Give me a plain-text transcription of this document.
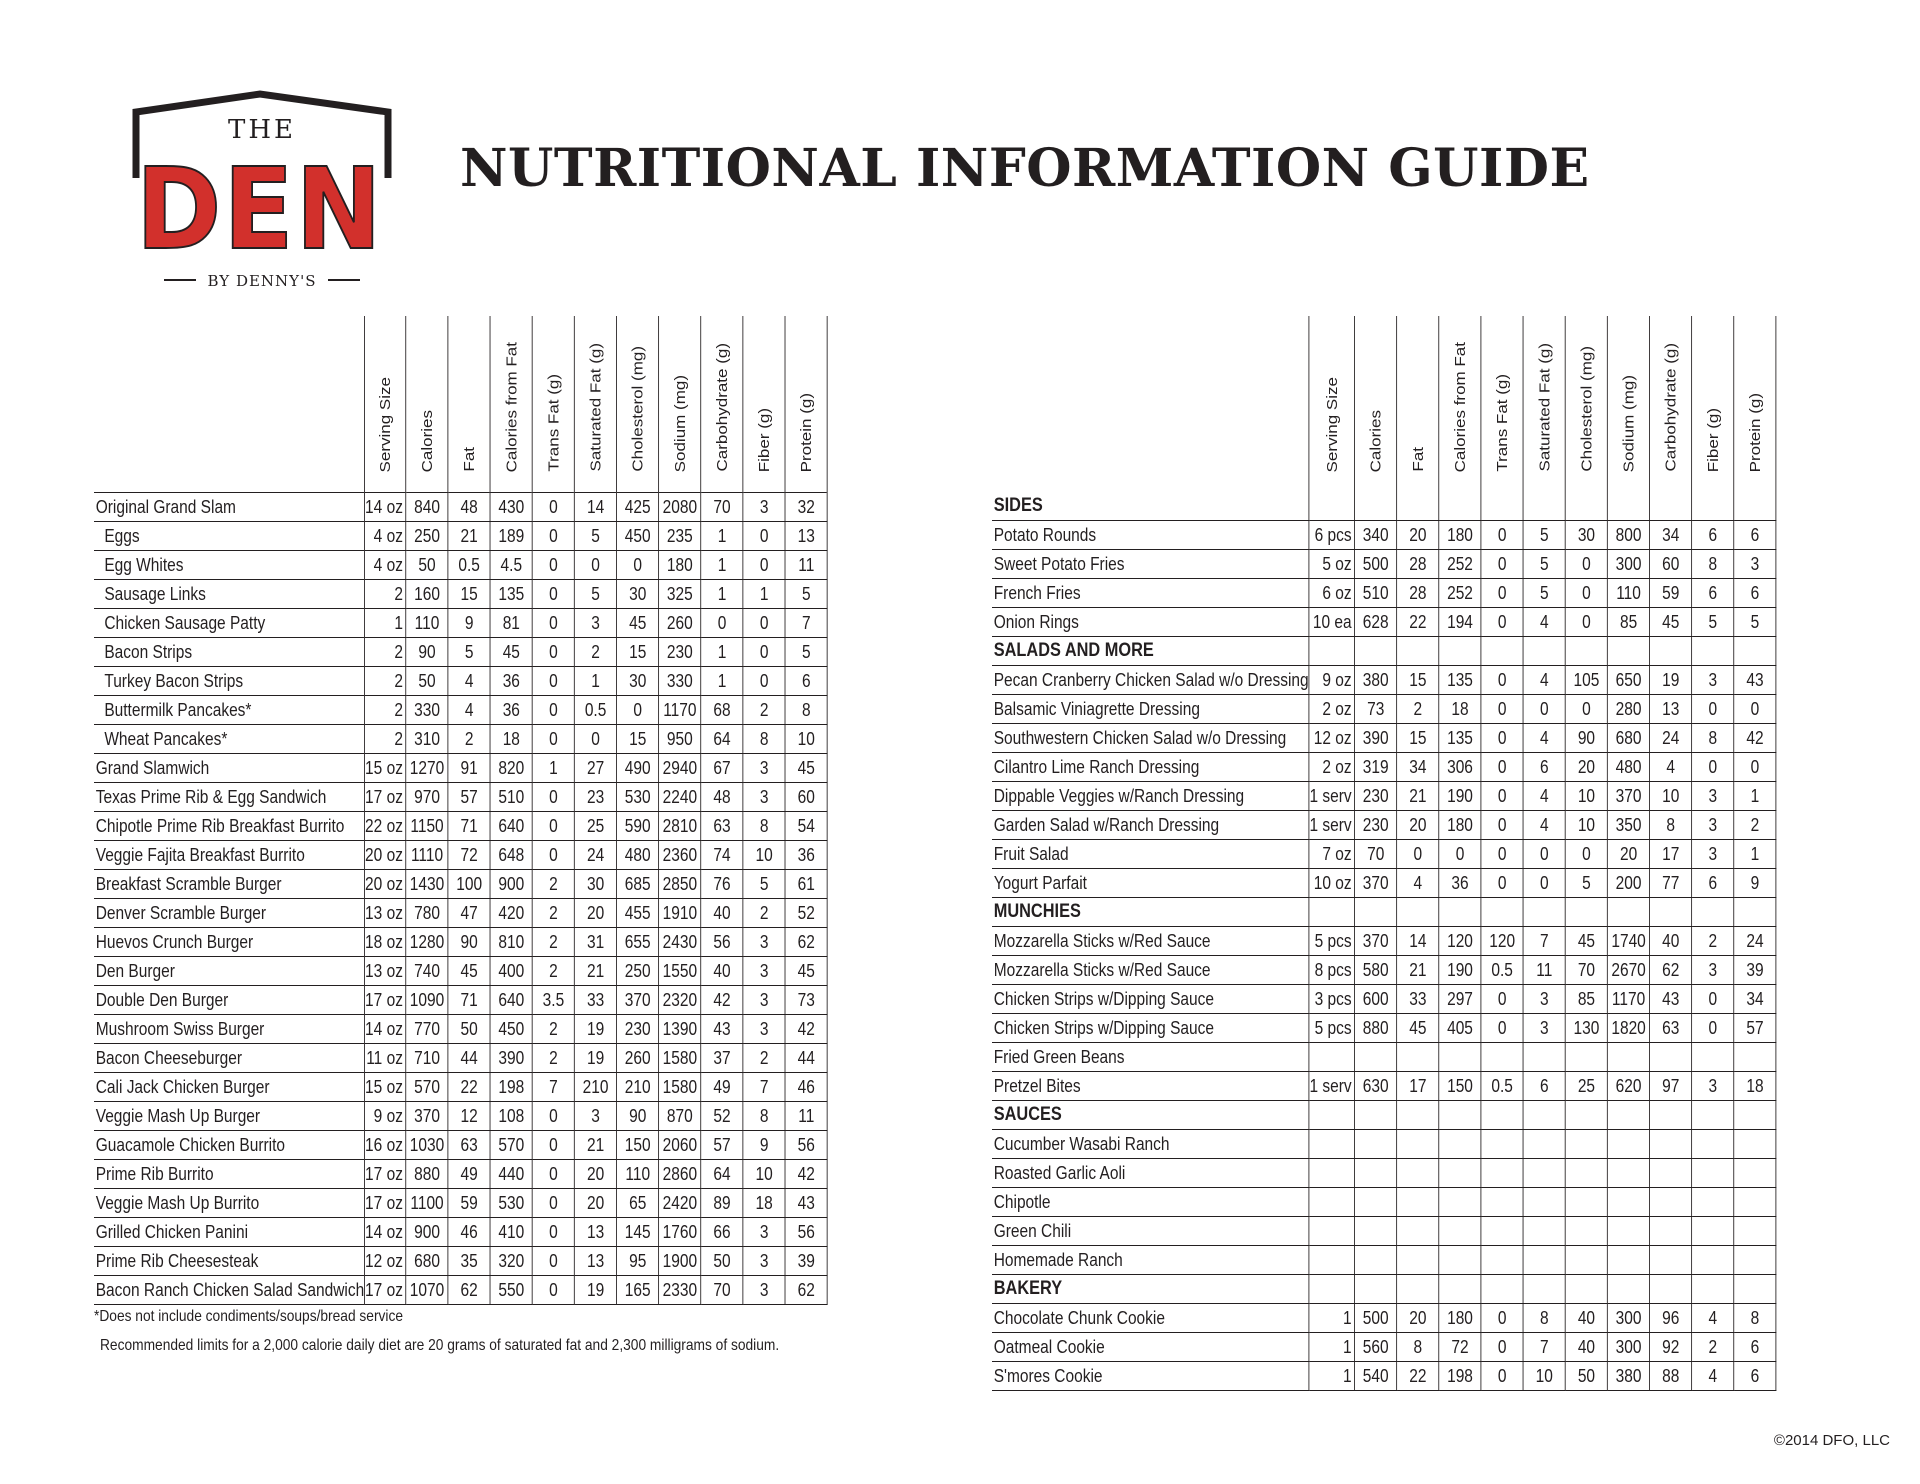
THE
DEN
BY DENNY'S
NUTRITIONAL INFORMATION GUIDE

	Serving Size	Calories	Fat	Calories from Fat	Trans Fat (g)	Saturated Fat (g)	Cholesterol (mg)	Sodium (mg)	Carbohydrate (g)	Fiber (g)	Protein (g)

Original Grand Slam	14 oz	840	48	430	0	14	425	2080	70	3	32
Eggs	4 oz	250	21	189	0	5	450	235	1	0	13
Egg Whites	4 oz	50	0.5	4.5	0	0	0	180	1	0	11
Sausage Links	2	160	15	135	0	5	30	325	1	1	5
Chicken Sausage Patty	1	110	9	81	0	3	45	260	0	0	7
Bacon Strips	2	90	5	45	0	2	15	230	1	0	5
Turkey Bacon Strips	2	50	4	36	0	1	30	330	1	0	6
Buttermilk Pancakes*	2	330	4	36	0	0.5	0	1170	68	2	8
Wheat Pancakes*	2	310	2	18	0	0	15	950	64	8	10
Grand Slamwich	15 oz	1270	91	820	1	27	490	2940	67	3	45
Texas Prime Rib & Egg Sandwich	17 oz	970	57	510	0	23	530	2240	48	3	60
Chipotle Prime Rib Breakfast Burrito	22 oz	1150	71	640	0	25	590	2810	63	8	54
Veggie Fajita Breakfast Burrito	20 oz	1110	72	648	0	24	480	2360	74	10	36
Breakfast Scramble Burger	20 oz	1430	100	900	2	30	685	2850	76	5	61
Denver Scramble Burger	13 oz	780	47	420	2	20	455	1910	40	2	52
Huevos Crunch Burger	18 oz	1280	90	810	2	31	655	2430	56	3	62
Den Burger	13 oz	740	45	400	2	21	250	1550	40	3	45
Double Den Burger	17 oz	1090	71	640	3.5	33	370	2320	42	3	73
Mushroom Swiss Burger	14 oz	770	50	450	2	19	230	1390	43	3	42
Bacon Cheeseburger	11 oz	710	44	390	2	19	260	1580	37	2	44
Cali Jack Chicken Burger	15 oz	570	22	198	7	210	210	1580	49	7	46
Veggie Mash Up Burger	9 oz	370	12	108	0	3	90	870	52	8	11
Guacamole Chicken Burrito	16 oz	1030	63	570	0	21	150	2060	57	9	56
Prime Rib Burrito	17 oz	880	49	440	0	20	110	2860	64	10	42
Veggie Mash Up Burrito	17 oz	1100	59	530	0	20	65	2420	89	18	43
Grilled Chicken Panini	14 oz	900	46	410	0	13	145	1760	66	3	56
Prime Rib Cheesesteak	12 oz	680	35	320	0	13	95	1900	50	3	39
Bacon Ranch Chicken Salad Sandwich	17 oz	1070	62	550	0	19	165	2330	70	3	62

	Serving Size	Calories	Fat	Calories from Fat	Trans Fat (g)	Saturated Fat (g)	Cholesterol (mg)	Sodium (mg)	Carbohydrate (g)	Fiber (g)	Protein (g)

SIDES											
Potato Rounds	6 pcs	340	20	180	0	5	30	800	34	6	6
Sweet Potato Fries	5 oz	500	28	252	0	5	0	300	60	8	3
French Fries	6 oz	510	28	252	0	5	0	110	59	6	6
Onion Rings	10 ea	628	22	194	0	4	0	85	45	5	5
SALADS AND MORE											
Pecan Cranberry Chicken Salad w/o Dressing	9 oz	380	15	135	0	4	105	650	19	3	43
Balsamic Viniagrette Dressing	2 oz	73	2	18	0	0	0	280	13	0	0
Southwestern Chicken Salad w/o Dressing	12 oz	390	15	135	0	4	90	680	24	8	42
Cilantro Lime Ranch Dressing	2 oz	319	34	306	0	6	20	480	4	0	0
Dippable Veggies w/Ranch Dressing	1 serv	230	21	190	0	4	10	370	10	3	1
Garden Salad w/Ranch Dressing	1 serv	230	20	180	0	4	10	350	8	3	2
Fruit Salad	7 oz	70	0	0	0	0	0	20	17	3	1
Yogurt Parfait	10 oz	370	4	36	0	0	5	200	77	6	9
MUNCHIES											
Mozzarella Sticks w/Red Sauce	5 pcs	370	14	120	120	7	45	1740	40	2	24
Mozzarella Sticks w/Red Sauce	8 pcs	580	21	190	0.5	11	70	2670	62	3	39
Chicken Strips w/Dipping Sauce	3 pcs	600	33	297	0	3	85	1170	43	0	34
Chicken Strips w/Dipping Sauce	5 pcs	880	45	405	0	3	130	1820	63	0	57
Fried Green Beans											
Pretzel Bites	1 serv	630	17	150	0.5	6	25	620	97	3	18
SAUCES											
Cucumber Wasabi Ranch											
Roasted Garlic Aoli											
Chipotle											
Green Chili											
Homemade Ranch											
BAKERY											
Chocolate Chunk Cookie	1	500	20	180	0	8	40	300	96	4	8
Oatmeal Cookie	1	560	8	72	0	7	40	300	92	2	6
S'mores Cookie	1	540	22	198	0	10	50	380	88	4	6
*Does not include condiments/soups/bread service
Recommended limits for a 2,000 calorie daily diet are 20 grams of saturated fat and 2,300 milligrams of sodium.
©2014 DFO, LLC
